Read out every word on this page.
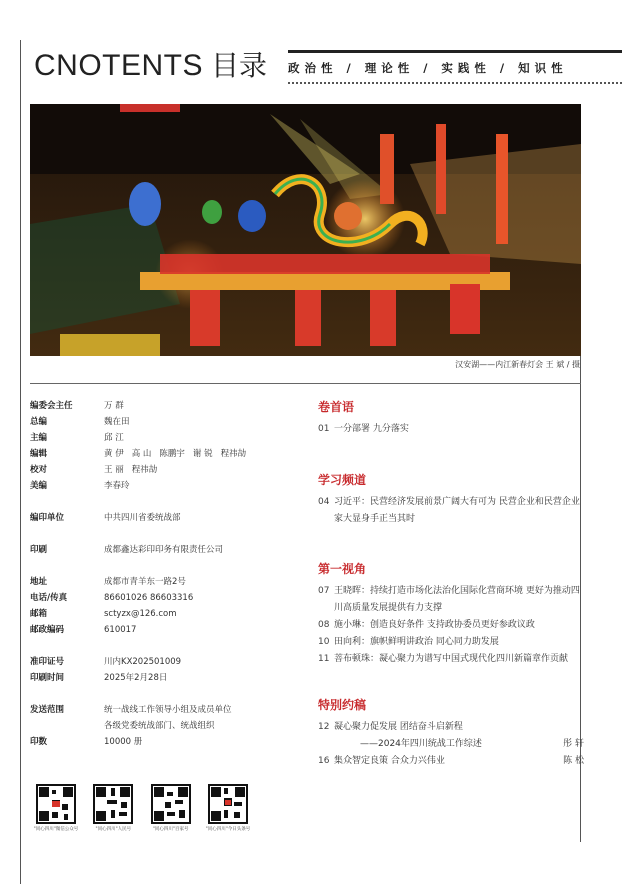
CNOTENTS 目录 政治性 / 理论性 / 实践性 / 知识性
汉安湖——内江新春灯会 王 斌 / 摄
编委会主任	万 群
总编	魏在田
主编	邱 江
编辑	黄 伊 高 山 陈鹏宇 谢 锐 程祎劼
校对	王 丽 程祎劼
美编	李春玲
编印单位	中共四川省委统战部
印刷	成都鑫达彩印印务有限责任公司
地址	成都市青羊东一路2号
电话/传真	86601026 86603316
邮箱	sctyzx@126.com
邮政编码	610017
准印证号	川内KX202501009
印刷时间	2025年2月28日
发送范围	统一战线工作领导小组及成员单位
各级党委统战部门、统战组织
印数	10000 册
"同心四川"微信公众号	"同心四川"人民号	"同心四川"百家号	"同心四川"今日头条号
卷首语
01 一分部署 九分落实
学习频道
04 习近平：民营经济发展前景广阔大有可为 民营企业和民营企业家大显身手正当其时
第一视角
07 王晓晖：持续打造市场化法治化国际化营商环境 更好为推动四川高质量发展提供有力支撑
08 施小琳：创造良好条件 支持政协委员更好参政议政
10 田向利：旗帜鲜明讲政治 同心同力助发展
11 菩布顿珠：凝心聚力为谱写中国式现代化四川新篇章作贡献
特别约稿
12 凝心聚力促发展 团结奋斗启新程
——2024年四川统战工作综述	彤 轩
16 集众智定良策 合众力兴伟业	陈 松
